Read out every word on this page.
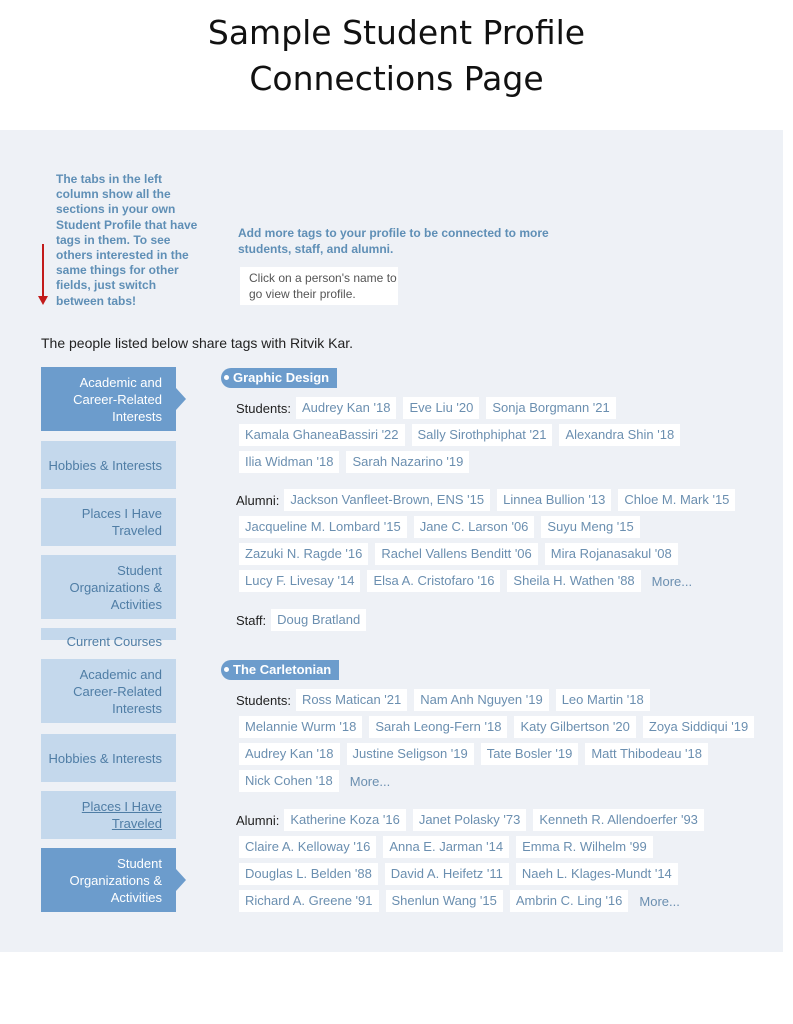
Sample Student Profile
Connections Page
The tabs in the left column show all the sections in your own Student Profile that have tags in them. To see others interested in the same things for other fields, just switch between tabs!
Add more tags to your profile to be connected to more students, staff, and alumni.
Click on a person's name to go view their profile.
The people listed below share tags with Ritvik Kar.
Academic and Career-Related Interests
Hobbies & Interests
Places I Have Traveled
Student Organizations & Activities
Current Courses
Academic and Career-Related Interests
Hobbies & Interests
Places I Have Traveled
Student Organizations & Activities
Graphic Design
Students: Audrey Kan '18	Eve Liu '20	Sonja Borgmann '21
Kamala GhaneaBassiri '22	Sally Sirothphiphat '21	Alexandra Shin '18
Ilia Widman '18	Sarah Nazarino '19
Alumni: Jackson Vanfleet-Brown, ENS '15	Linnea Bullion '13	Chloe M. Mark '15
Jacqueline M. Lombard '15	Jane C. Larson '06	Suyu Meng '15
Zazuki N. Ragde '16	Rachel Vallens Benditt '06	Mira Rojanasakul '08
Lucy F. Livesay '14	Elsa A. Cristofaro '16	Sheila H. Wathen '88	More...
Staff: Doug Bratland
The Carletonian
Students: Ross Matican '21	Nam Anh Nguyen '19	Leo Martin '18
Melannie Wurm '18	Sarah Leong-Fern '18	Katy Gilbertson '20	Zoya Siddiqui '19
Audrey Kan '18	Justine Seligson '19	Tate Bosler '19	Matt Thibodeau '18
Nick Cohen '18	More...
Alumni: Katherine Koza '16	Janet Polasky '73	Kenneth R. Allendoerfer '93
Claire A. Kelloway '16	Anna E. Jarman '14	Emma R. Wilhelm '99
Douglas L. Belden '88	David A. Heifetz '11	Naeh L. Klages-Mundt '14
Richard A. Greene '91	Shenlun Wang '15	Ambrin C. Ling '16	More...
